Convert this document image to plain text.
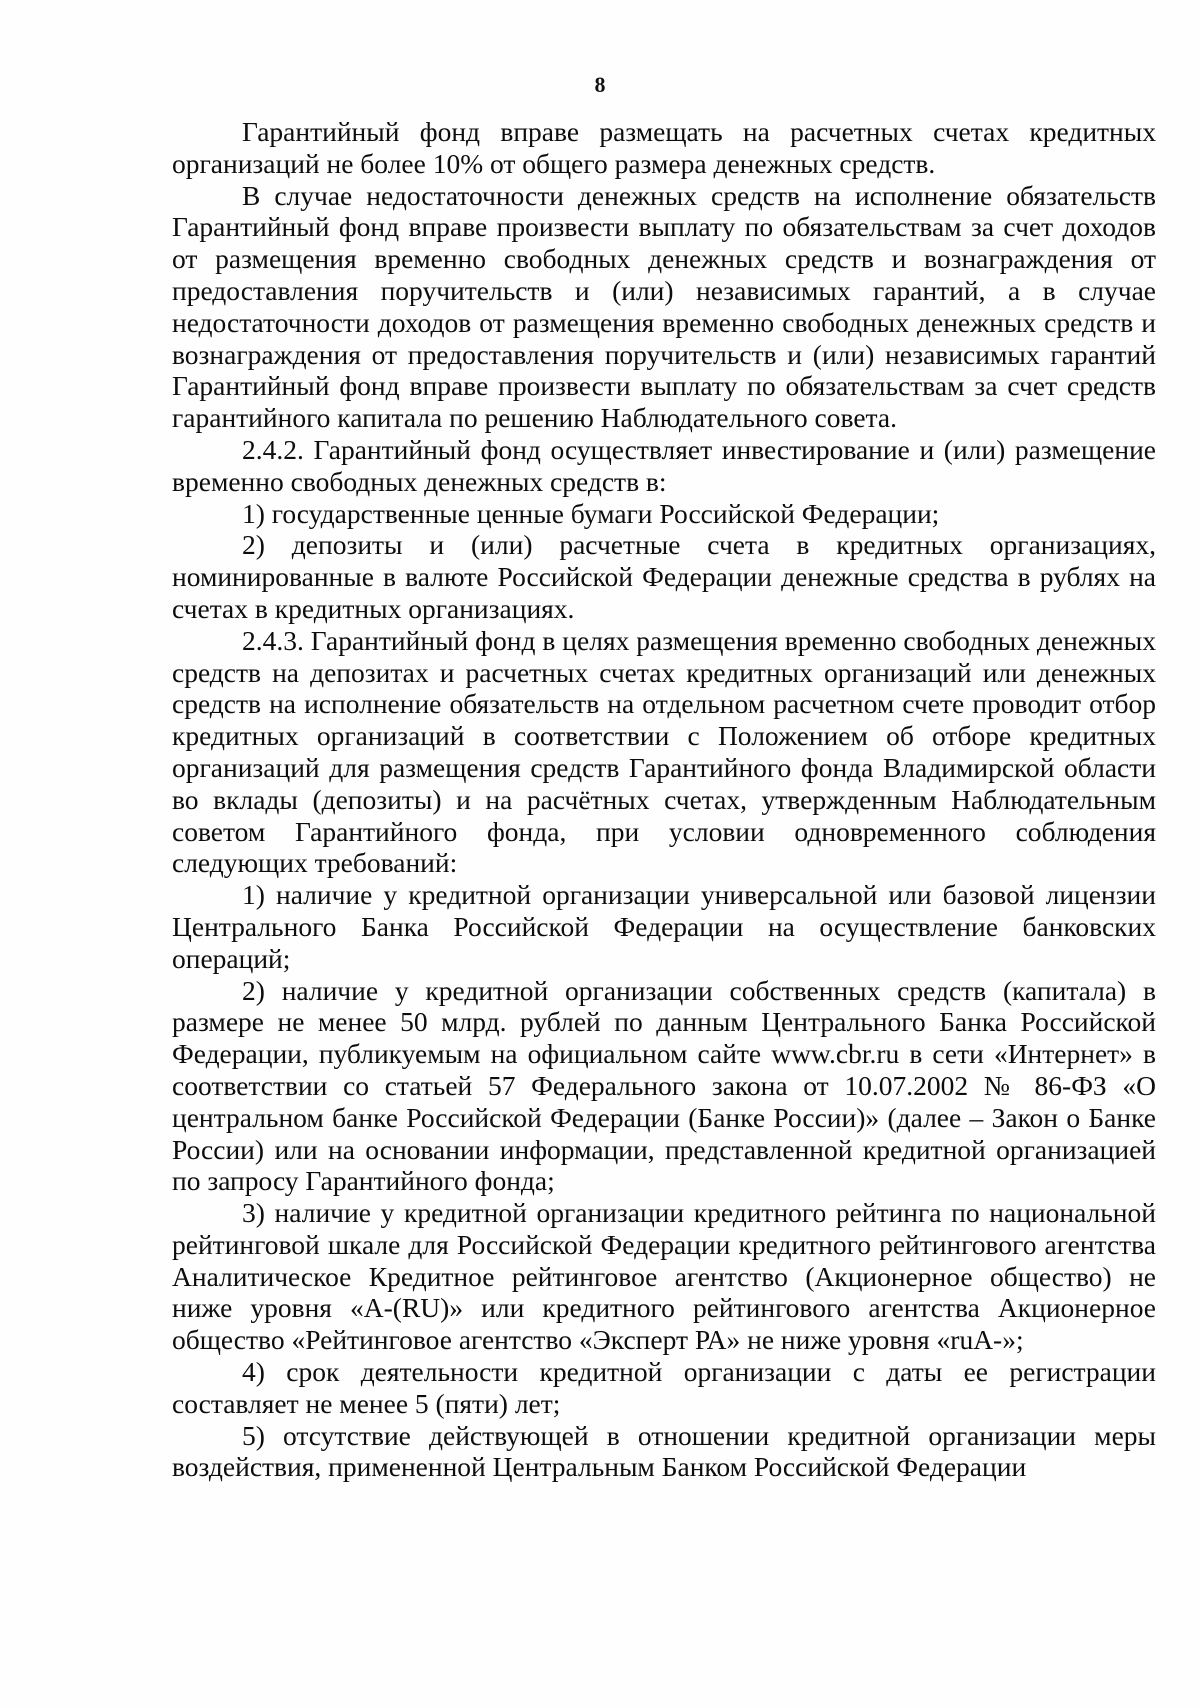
8

Гарантийный фонд вправе размещать на расчетных счетах кредитных организаций не более 10% от общего размера денежных средств.

В случае недостаточности денежных средств на исполнение обязательств Гарантийный фонд вправе произвести выплату по обязательствам за счет доходов от размещения временно свободных денежных средств и вознаграждения от предоставления поручительств и (или) независимых гарантий, а в случае недостаточности доходов от размещения временно свободных денежных средств и вознаграждения от предоставления поручительств и (или) независимых гарантий Гарантийный фонд вправе произвести выплату по обязательствам за счет средств гарантийного капитала по решению Наблюдательного совета.

2.4.2. Гарантийный фонд осуществляет инвестирование и (или) размещение временно свободных денежных средств в:

1) государственные ценные бумаги Российской Федерации;

2) депозиты и (или) расчетные счета в кредитных организациях, номинированные в валюте Российской Федерации денежные средства в рублях на счетах в кредитных организациях.

2.4.3. Гарантийный фонд в целях размещения временно свободных денежных средств на депозитах и расчетных счетах кредитных организаций или денежных средств на исполнение обязательств на отдельном расчетном счете проводит отбор кредитных организаций в соответствии с Положением об отборе кредитных организаций для размещения средств Гарантийного фонда Владимирской области во вклады (депозиты) и на расчётных счетах, утвержденным Наблюдательным советом Гарантийного фонда, при условии одновременного соблюдения следующих требований:

1) наличие у кредитной организации универсальной или базовой лицензии Центрального Банка Российской Федерации на осуществление банковских операций;

2) наличие у кредитной организации собственных средств (капитала) в размере не менее 50 млрд. рублей по данным Центрального Банка Российской Федерации, публикуемым на официальном сайте www.cbr.ru в сети «Интернет» в соответствии со статьей 57 Федерального закона от 10.07.2002 № 86-ФЗ «О центральном банке Российской Федерации (Банке России)» (далее – Закон о Банке России) или на основании информации, представленной кредитной организацией по запросу Гарантийного фонда;

3) наличие у кредитной организации кредитного рейтинга по национальной рейтинговой шкале для Российской Федерации кредитного рейтингового агентства Аналитическое Кредитное рейтинговое агентство (Акционерное общество) не ниже уровня «A-(RU)» или кредитного рейтингового агентства Акционерное общество «Рейтинговое агентство «Эксперт РА» не ниже уровня «ruA-»;

4) срок деятельности кредитной организации с даты ее регистрации составляет не менее 5 (пяти) лет;

5) отсутствие действующей в отношении кредитной организации меры воздействия, примененной Центральным Банком Российской Федерации
